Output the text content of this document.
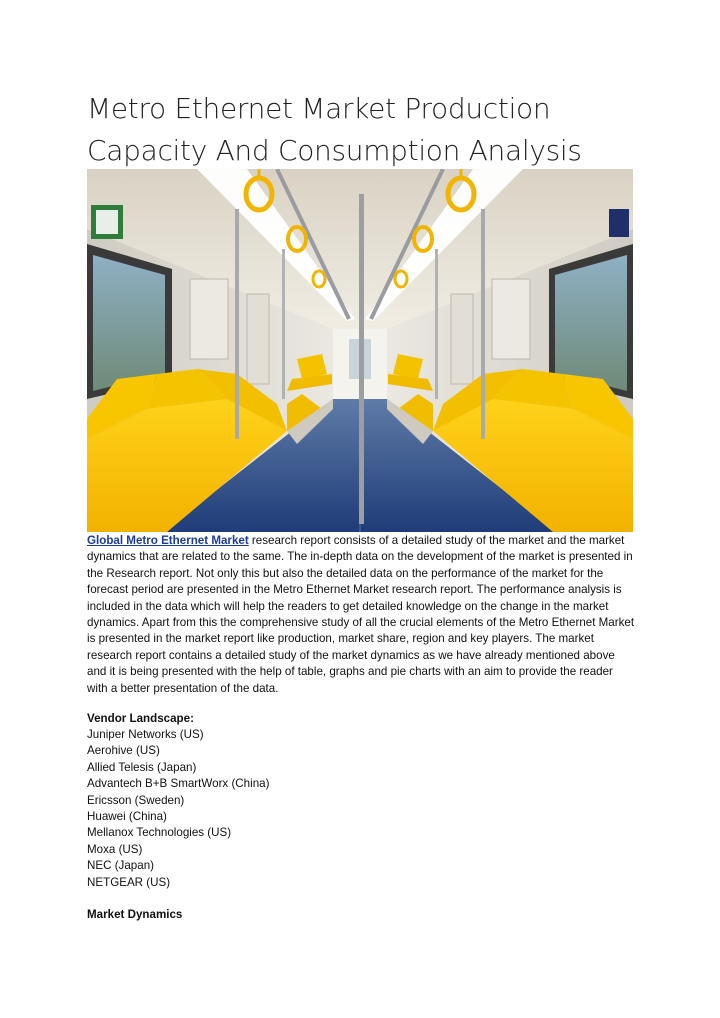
Metro Ethernet Market Production Capacity And Consumption Analysis

Global Metro Ethernet Market research report consists of a detailed study of the market and the market dynamics that are related to the same. The in-depth data on the development of the market is presented in the Research report. Not only this but also the detailed data on the performance of the market for the forecast period are presented in the Metro Ethernet Market research report. The performance analysis is included in the data which will help the readers to get detailed knowledge on the change in the market dynamics. Apart from this the comprehensive study of all the crucial elements of the Metro Ethernet Market is presented in the market report like production, market share, region and key players. The market research report contains a detailed study of the market dynamics as we have already mentioned above and it is being presented with the help of table, graphs and pie charts with an aim to provide the reader with a better presentation of the data.

Vendor Landscape:

Juniper Networks (US)
Aerohive (US)
Allied Telesis (Japan)
Advantech B+B SmartWorx (China)
Ericsson (Sweden)
Huawei (China)
Mellanox Technologies (US)
Moxa (US)
NEC (Japan)
NETGEAR (US)

Market Dynamics
